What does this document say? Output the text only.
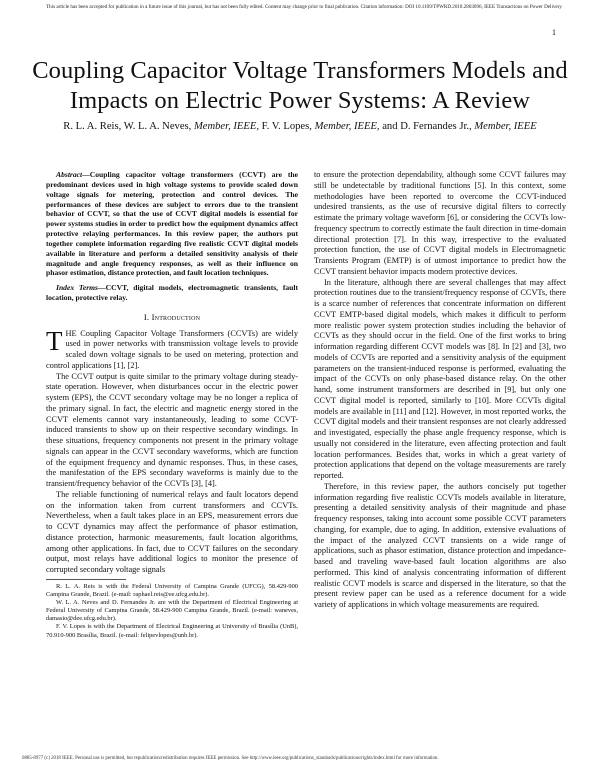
This article has been accepted for publication in a future issue of this journal, but has not been fully edited. Content may change prior to final publication. Citation information: DOI 10.1109/TPWRD.2018.2803096, IEEE Transactions on Power Delivery
1
Coupling Capacitor Voltage Transformers Models and Impacts on Electric Power Systems: A Review
R. L. A. Reis, W. L. A. Neves, Member, IEEE, F. V. Lopes, Member, IEEE, and D. Fernandes Jr., Member, IEEE

Abstract—Coupling capacitor voltage transformers (CCVT) are the predominant devices used in high voltage systems to provide scaled down voltage signals for metering, protection and control devices. The performances of these devices are subject to errors due to the transient behavior of CCVT, so that the use of CCVT digital models is essential for power systems studies in order to predict how the equipment dynamics affect protective relaying performances. In this review paper, the authors put together complete information regarding five realistic CCVT digital models available in literature and perform a detailed sensitivity analysis of their magnitude and angle frequency responses, as well as their influence on phasor estimation, distance protection, and fault location techniques.

Index Terms—CCVT, digital models, electromagnetic transients, fault location, protective relay.

I. Introduction

THE Coupling Capacitor Voltage Transformers (CCVTs) are widely used in power networks with transmission voltage levels to provide scaled down voltage signals to be used on metering, protection and control applications [1], [2].

The CCVT output is quite similar to the primary voltage during steady-state operation. However, when disturbances occur in the electric power system (EPS), the CCVT secondary voltage may be no longer a replica of the primary signal. In fact, the electric and magnetic energy stored in the CCVT elements cannot vary instantaneously, leading to some CCVT-induced transients to show up on their respective secondary windings. In these situations, frequency components not present in the primary voltage signals can appear in the CCVT secondary waveforms, which are function of the equipment frequency and dynamic responses. Thus, in these cases, the manifestation of the EPS secondary waveforms is mainly due to the transient/frequency behavior of the CCVTs [3], [4].

The reliable functioning of numerical relays and fault locators depend on the information taken from current transformers and CCVTs. Nevertheless, when a fault takes place in an EPS, measurement errors due to CCVT dynamics may affect the performance of phasor estimation, distance protection, harmonic measurements, fault location algorithms, among other applications. In fact, due to CCVT failures on the secondary output, most relays have additional logics to monitor the presence of corrupted secondary voltage signals

R. L. A. Reis is with the Federal University of Campina Grande (UFCG), 58.429-900 Campina Grande, Brazil. (e-mail: raphael.reis@ee.ufcg.edu.br).

W. L. A. Neves and D. Fernandes Jr. are with the Department of Electrical Engineering at Federal University of Campina Grande, 58.429-900 Campina Grande, Brazil. (e-mail: waneves, damasio@dee.ufcg.edu.br).

F. V. Lopes is with the Department of Electrical Engineering at University of Brasília (UnB), 70.910-900 Brasília, Brazil. (e-mail: felipevlopes@unb.br).

to ensure the protection dependability, although some CCVT failures may still be undetectable by traditional functions [5]. In this context, some methodologies have been reported to overcome the CCVT-induced undesired transients, as the use of recursive digital filters to correctly estimate the primary voltage waveform [6], or considering the CCVTs low-frequency spectrum to correctly estimate the fault direction in time-domain directional protection [7]. In this way, irrespective to the evaluated protection function, the use of CCVT digital models in Electromagnetic Transients Program (EMTP) is of utmost importance to predict how the CCVT transient behavior impacts modern protective devices.

In the literature, although there are several challenges that may affect protection routines due to the transient/frequency response of CCVTs, there is a scarce number of references that concentrate information on different CCVT EMTP-based digital models, which makes it difficult to perform more realistic power system protection studies including the behavior of CCVTs as they should occur in the field. One of the first works to bring information regarding different CCVT models was [8]. In [2] and [3], two models of CCVTs are reported and a sensitivity analysis of the equipment parameters on the transient-induced response is performed, evaluating the impact of the CCVTs on only phase-based distance relay. On the other hand, some instrument transformers are described in [9], but only one CCVT digital model is reported, similarly to [10]. More CCVTs digital models are available in [11] and [12]. However, in most reported works, the CCVT digital models and their transient responses are not clearly addressed and investigated, especially the phase angle frequency response, which is usually not considered in the literature, even affecting protection and fault location performances. Besides that, works in which a great variety of protection applications that depend on the voltage measurements are rarely reported.

Therefore, in this review paper, the authors concisely put together information regarding five realistic CCVTs models available in literature, presenting a detailed sensitivity analysis of their magnitude and phase frequency responses, taking into account some possible CCVT parameters changing, for example, due to aging. In addition, extensive evaluations of the impact of the analyzed CCVT transients on a wide range of applications, such as phasor estimation, distance protection and impedance-based and traveling wave-based fault location algorithms are also performed. This kind of analysis concentrating information of different realistic CCVT models is scarce and dispersed in the literature, so that the present review paper can be used as a reference document for a wide variety of applications in which voltage measurements are required.

0885-8977 (c) 2018 IEEE. Personal use is permitted, but republication/redistribution requires IEEE permission. See http://www.ieee.org/publications_standards/publications/rights/index.html for more information.
